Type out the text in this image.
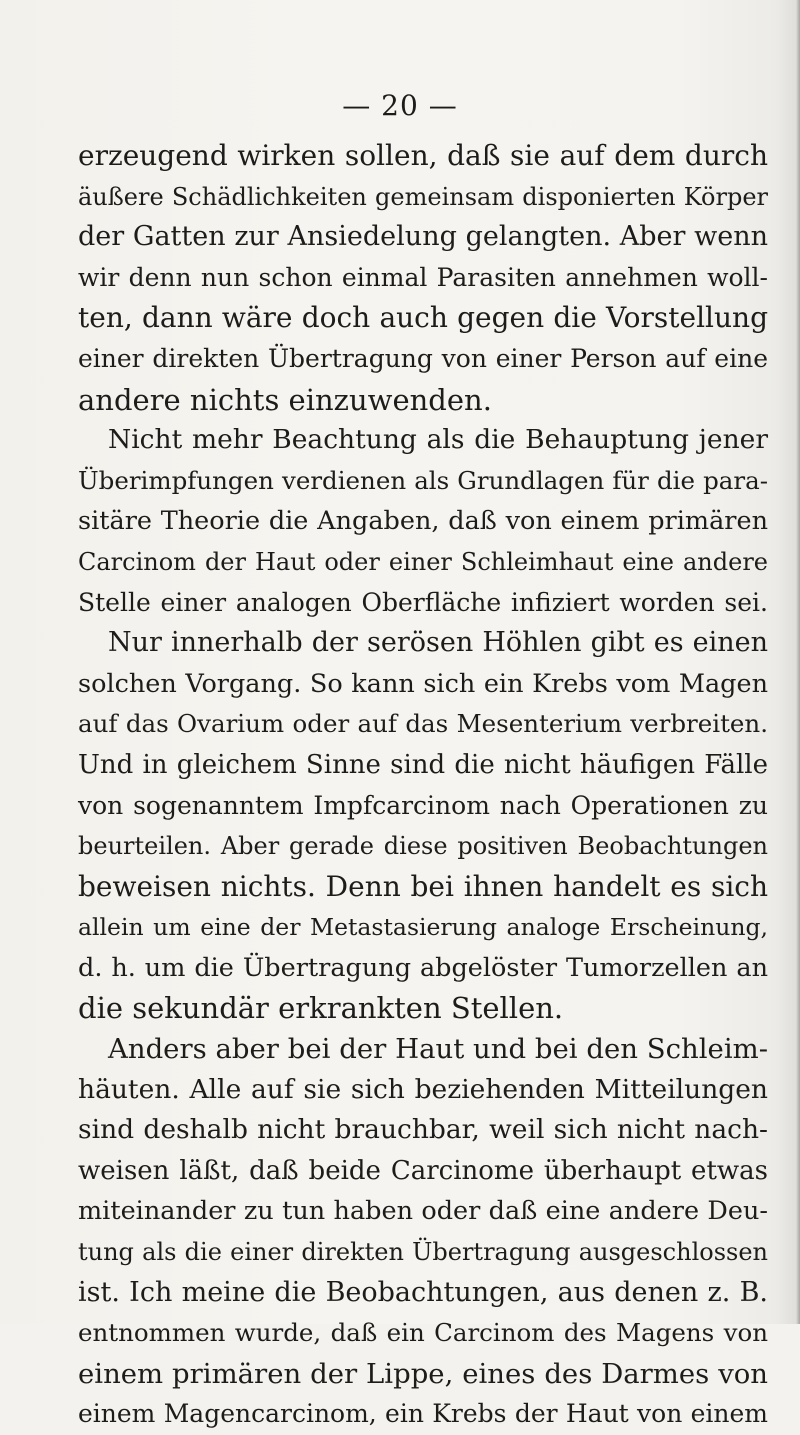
— 20 —
erzeugend wirken sollen, daß sie auf dem durch
äußere Schädlichkeiten gemeinsam disponierten Körper
der Gatten zur Ansiedelung gelangten. Aber wenn
wir denn nun schon einmal Parasiten annehmen woll-
ten, dann wäre doch auch gegen die Vorstellung
einer direkten Übertragung von einer Person auf eine
andere nichts einzuwenden.
Nicht mehr Beachtung als die Behauptung jener
Überimpfungen verdienen als Grundlagen für die para-
sitäre Theorie die Angaben, daß von einem primären
Carcinom der Haut oder einer Schleimhaut eine andere
Stelle einer analogen Oberfläche infiziert worden sei.
Nur innerhalb der serösen Höhlen gibt es einen
solchen Vorgang. So kann sich ein Krebs vom Magen
auf das Ovarium oder auf das Mesenterium verbreiten.
Und in gleichem Sinne sind die nicht häufigen Fälle
von sogenanntem Impfcarcinom nach Operationen zu
beurteilen. Aber gerade diese positiven Beobachtungen
beweisen nichts. Denn bei ihnen handelt es sich
allein um eine der Metastasierung analoge Erscheinung,
d. h. um die Übertragung abgelöster Tumorzellen an
die sekundär erkrankten Stellen.
Anders aber bei der Haut und bei den Schleim-
häuten. Alle auf sie sich beziehenden Mitteilungen
sind deshalb nicht brauchbar, weil sich nicht nach-
weisen läßt, daß beide Carcinome überhaupt etwas
miteinander zu tun haben oder daß eine andere Deu-
tung als die einer direkten Übertragung ausgeschlossen
ist. Ich meine die Beobachtungen, aus denen z. B.
entnommen wurde, daß ein Carcinom des Magens von
einem primären der Lippe, eines des Darmes von
einem Magencarcinom, ein Krebs der Haut von einem
